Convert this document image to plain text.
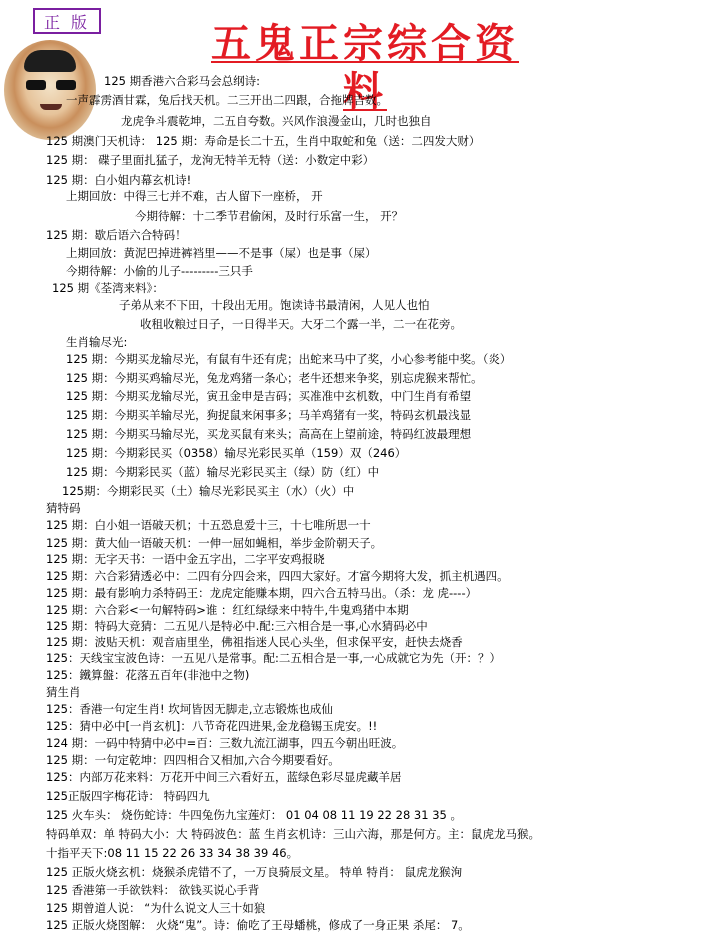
正 版	五鬼正宗综合资料
125 期香港六合彩马会总纲诗:
一声霹雳酒甘霖，兔后找天机。二三开出二四跟，合拖牌吉数。
龙虎争斗震乾坤，二五自夸数。兴风作浪漫金山，几时也独自
125 期澳门天机诗： 125 期：寿命是长二十五，生肖中取蛇和兔（送：二四发大财）
125 期： 碟子里面扎猛子，龙洵无特羊无特（送：小数定中彩）
125 期：白小姐内幕玄机诗!
上期回放：中得三七并不难，古人留下一座桥， 开
今期待解：十二季节君偷闲，及时行乐富一生， 开？
125 期：歇后语六合特码！
上期回放：黄泥巴掉进裤裆里——不是事（屎）也是事（屎）
今期待解：小偷的儿子---------三只手
125 期《荃湾来料》：
子弟从来不下田，十段出无用。饱读诗书最清闲，人见人也怕
收租收粮过日子，一日得半天。大牙二个露一半，二一在花旁。
生肖输尽光:
125 期：今期买龙输尽光，有鼠有牛还有虎；出蛇来马中了奖，小心参考能中奖。（炎）
125 期：今期买鸡输尽光，兔龙鸡猪一条心；老牛还想来争奖，别忘虎猴来帮忙。
125 期：今期买龙输尽光，寅丑金申是吉码；买准准中玄机数，中门生肖有希望
125 期：今期买羊输尽光，狗捉鼠来闲事多；马羊鸡猪有一奖，特码玄机最浅显
125 期：今期买马输尽光，买龙买鼠有来头；高高在上望前途，特码红波最理想
125 期：今期彩民买（0358）输尽光彩民买单（159）双（246）
125 期：今期彩民买（蓝）输尽光彩民买主（绿）防（红）中
125期：今期彩民买（土）输尽光彩民买主（水）（火）中
猜特码
125 期：白小姐一语破天机；十五恐息爱十三，十七唯所思一十
125 期：黄大仙一语破天机：一伸一屈如蝇相，举步金阶朝天子。
125 期：无字天书：一语中金五字出，二字平安鸡报晓
125 期：六合彩猜透必中：二四有分四会来，四四大家好。才富今期将大发，抓主机遇四。
125 期：最有影响力杀特码王：龙虎定能赚本期，四六合五特马出。（杀：龙 虎----）
125 期：六合彩<一句解特码>谁 ：红红绿绿来中特牛,牛鬼鸡猪中本期
125 期：特码大竞猜：二五见八是特必中.配:三六相合是一事,心水猜码必中
125 期：波贴天机：观音庙里坐，佛祖指迷人民心头坐，但求保平安，赶快去烧香
125：天线宝宝波色诗：一五见八是常事。配:二五相合是一事,一心成就它为先（开：？）
125：鐵算盤：花落五百年(非池中之物)
猜生肖
125：香港一句定生肖! 坎坷皆因无脚走,立志锻炼也成仙
125：猜中必中[一肖玄机]：八节奇花四进果,金龙稳锡玉虎安。!!
124 期：一码中特猜中必中=百：三数九流江湖事，四五今朝出旺波。
125 期：一句定乾坤：四四相合又相加,六合今期要看好。
125：内部万花来料：万花开中间三六看好五，蓝绿色彩尽显虎藏羊居
125正版四字梅花诗： 特码四九
125 火车头： 烧伤蛇诗：牛四兔伤九宝莲灯： 01 04 08 11 19 22 28 31 35 。
特码单双：单 特码大小：大 特码波色：蓝 生肖玄机诗：三山六海，那是何方。主：鼠虎龙马猴。
十指平天下:08 11 15 22 26 33 34 38 39 46。
125 正版火烧玄机：烧猴杀虎错不了，一万良骑辰文星。 特单 特肖： 鼠虎龙猴洵
125 香港第一手欲铁料： 欲钱买说心手背
125 期曾道人说： “为什么说文人三十如狼
125 正版火烧图解： 火烧“鬼”。诗：偷吃了王母蟠桃，修成了一身正果 杀尾： 7。
